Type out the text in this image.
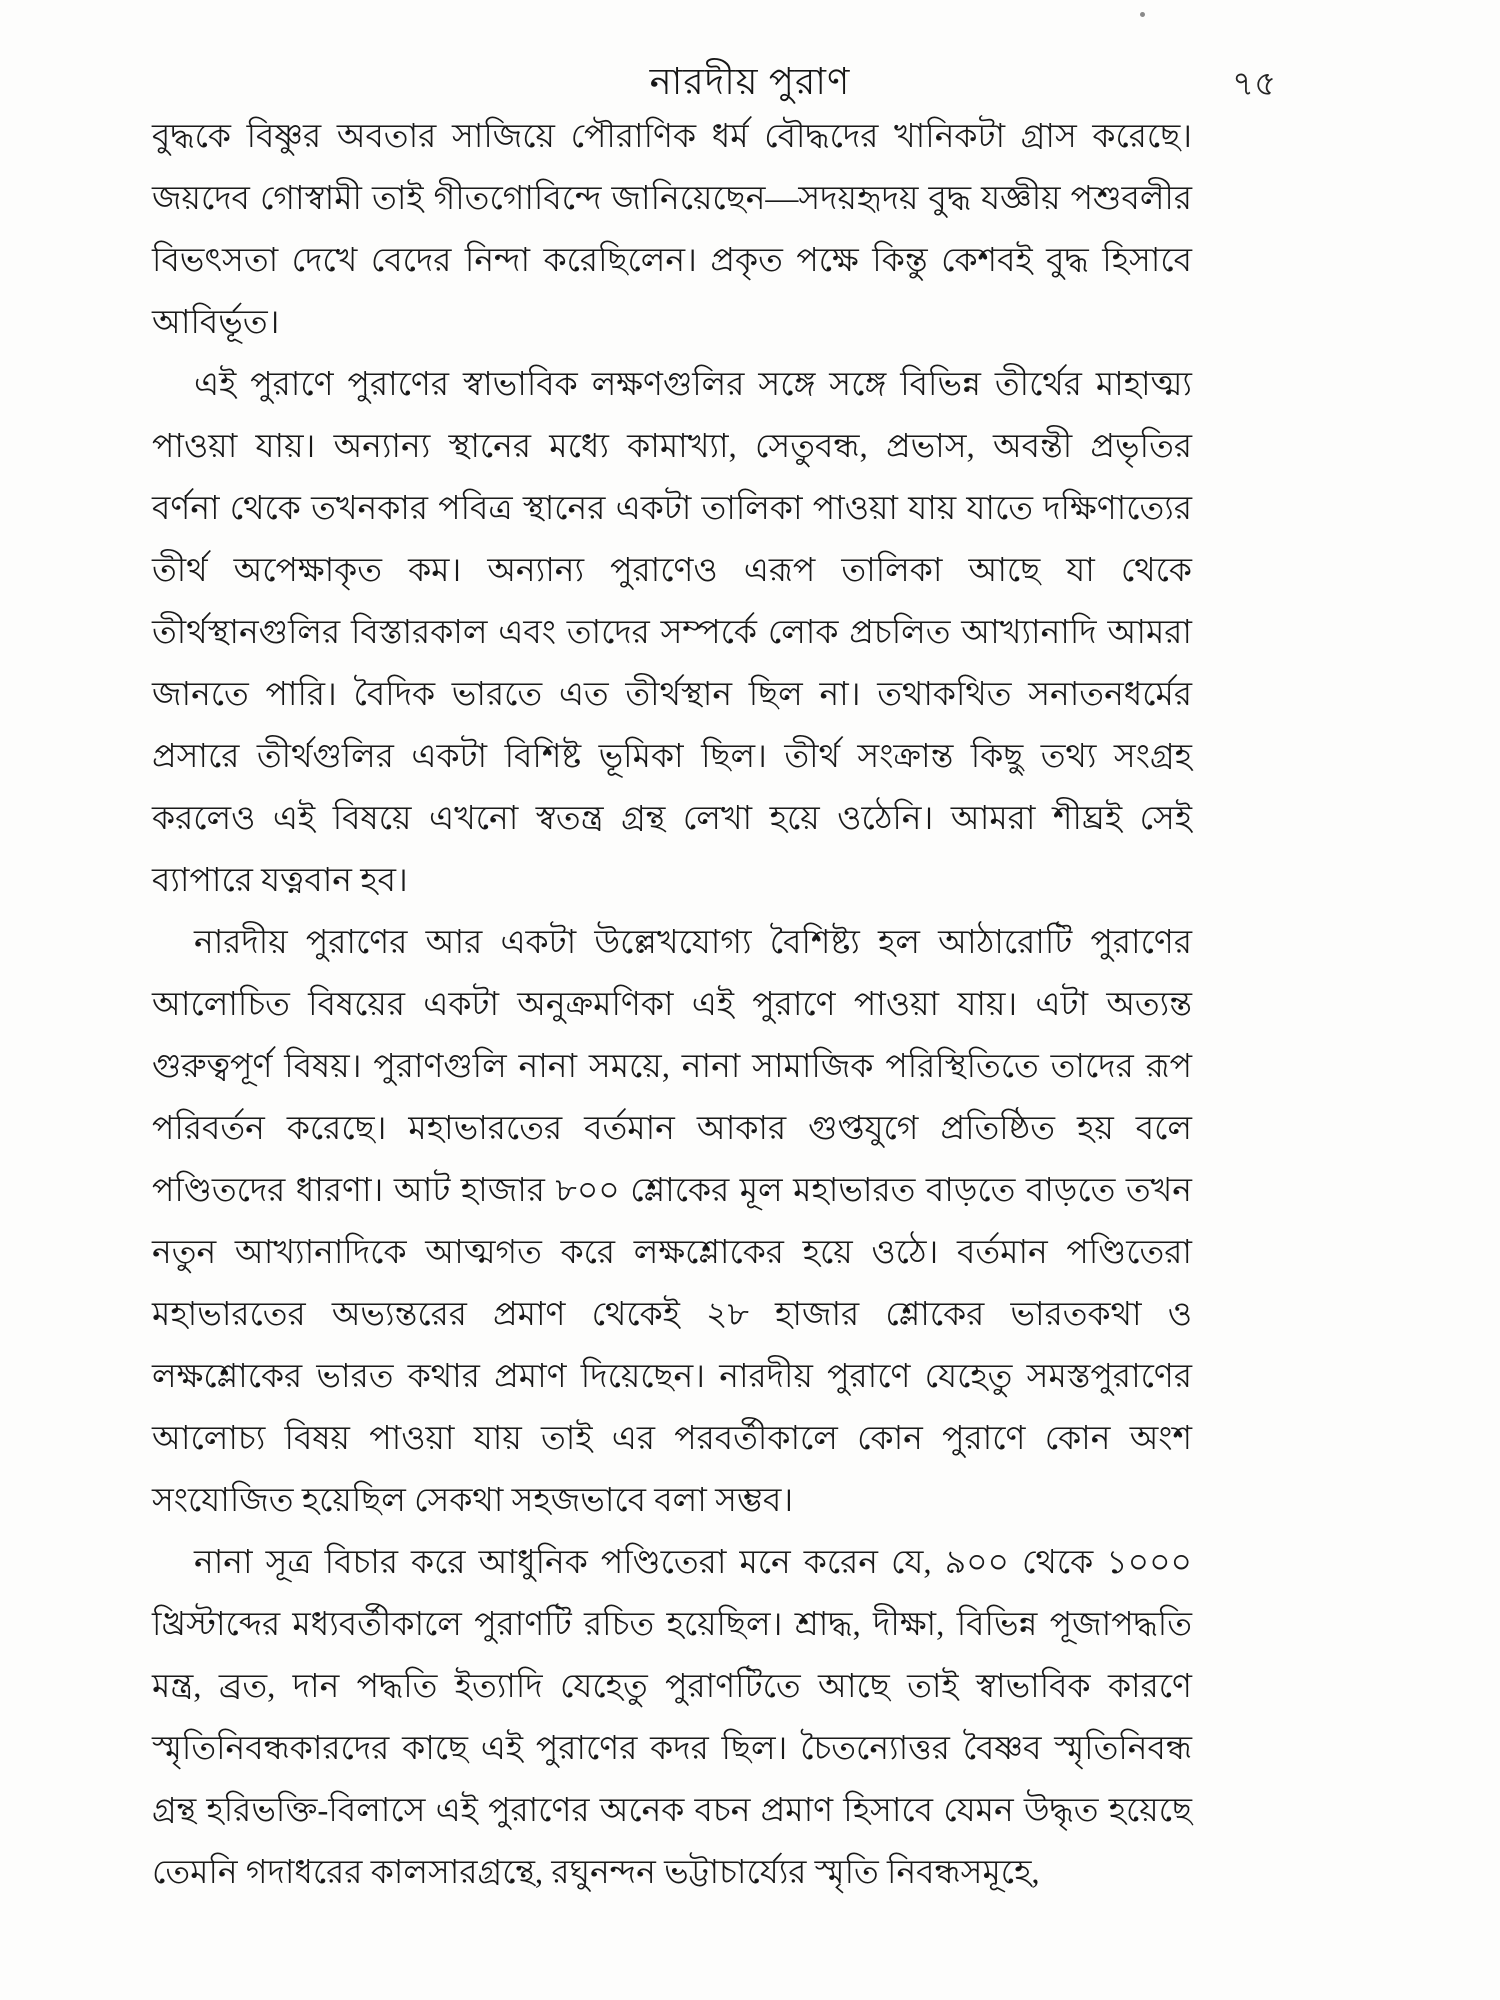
নারদীয় পুরাণ	৭৫
বুদ্ধকে বিষ্ণুর অবতার সাজিয়ে পৌরাণিক ধর্ম বৌদ্ধদের খানিকটা গ্রাস করেছে।
জয়দেব গোস্বামী তাই গীতগোবিন্দে জানিয়েছেন—সদয়হৃদয় বুদ্ধ যজ্ঞীয় পশুবলীর
বিভৎসতা দেখে বেদের নিন্দা করেছিলেন। প্রকৃত পক্ষে কিন্তু কেশবই বুদ্ধ হিসাবে
আবির্ভূত।
এই পুরাণে পুরাণের স্বাভাবিক লক্ষণগুলির সঙ্গে সঙ্গে বিভিন্ন তীর্থের মাহাত্ম্য
পাওয়া যায়। অন্যান্য স্থানের মধ্যে কামাখ্যা, সেতুবন্ধ, প্রভাস, অবন্তী প্রভৃতির
বর্ণনা থেকে তখনকার পবিত্র স্থানের একটা তালিকা পাওয়া যায় যাতে দক্ষিণাত্যের
তীর্থ অপেক্ষাকৃত কম। অন্যান্য পুরাণেও এরূপ তালিকা আছে যা থেকে
তীর্থস্থানগুলির বিস্তারকাল এবং তাদের সম্পর্কে লোক প্রচলিত আখ্যানাদি আমরা
জানতে পারি। বৈদিক ভারতে এত তীর্থস্থান ছিল না। তথাকথিত সনাতনধর্মের
প্রসারে তীর্থগুলির একটা বিশিষ্ট ভূমিকা ছিল। তীর্থ সংক্রান্ত কিছু তথ্য সংগ্রহ
করলেও এই বিষয়ে এখনো স্বতন্ত্র গ্রন্থ লেখা হয়ে ওঠেনি। আমরা শীঘ্রই সেই
ব্যাপারে যত্নবান হব।
নারদীয় পুরাণের আর একটা উল্লেখযোগ্য বৈশিষ্ট্য হল আঠারোটি পুরাণের
আলোচিত বিষয়ের একটা অনুক্রমণিকা এই পুরাণে পাওয়া যায়। এটা অত্যন্ত
গুরুত্বপূর্ণ বিষয়। পুরাণগুলি নানা সময়ে, নানা সামাজিক পরিস্থিতিতে তাদের রূপ
পরিবর্তন করেছে। মহাভারতের বর্তমান আকার গুপ্তযুগে প্রতিষ্ঠিত হয় বলে
পণ্ডিতদের ধারণা। আট হাজার ৮০০ শ্লোকের মূল মহাভারত বাড়তে বাড়তে তখন
নতুন আখ্যানাদিকে আত্মগত করে লক্ষশ্লোকের হয়ে ওঠে। বর্তমান পণ্ডিতেরা
মহাভারতের অভ্যন্তরের প্রমাণ থেকেই ২৮ হাজার শ্লোকের ভারতকথা ও
লক্ষশ্লোকের ভারত কথার প্রমাণ দিয়েছেন। নারদীয় পুরাণে যেহেতু সমস্তপুরাণের
আলোচ্য বিষয় পাওয়া যায় তাই এর পরবর্তীকালে কোন পুরাণে কোন অংশ
সংযোজিত হয়েছিল সেকথা সহজভাবে বলা সম্ভব।
নানা সূত্র বিচার করে আধুনিক পণ্ডিতেরা মনে করেন যে, ৯০০ থেকে ১০০০
খ্রিস্টাব্দের মধ্যবর্তীকালে পুরাণটি রচিত হয়েছিল। শ্রাদ্ধ, দীক্ষা, বিভিন্ন পূজাপদ্ধতি
মন্ত্র, ব্রত, দান পদ্ধতি ইত্যাদি যেহেতু পুরাণটিতে আছে তাই স্বাভাবিক কারণে
স্মৃতিনিবন্ধকারদের কাছে এই পুরাণের কদর ছিল। চৈতন্যোত্তর বৈষ্ণব স্মৃতিনিবন্ধ
গ্রন্থ হরিভক্তি-বিলাসে এই পুরাণের অনেক বচন প্রমাণ হিসাবে যেমন উদ্ধৃত হয়েছে
তেমনি গদাধরের কালসারগ্রন্থে, রঘুনন্দন ভট্টাচার্য্যের স্মৃতি নিবন্ধসমূহে,
